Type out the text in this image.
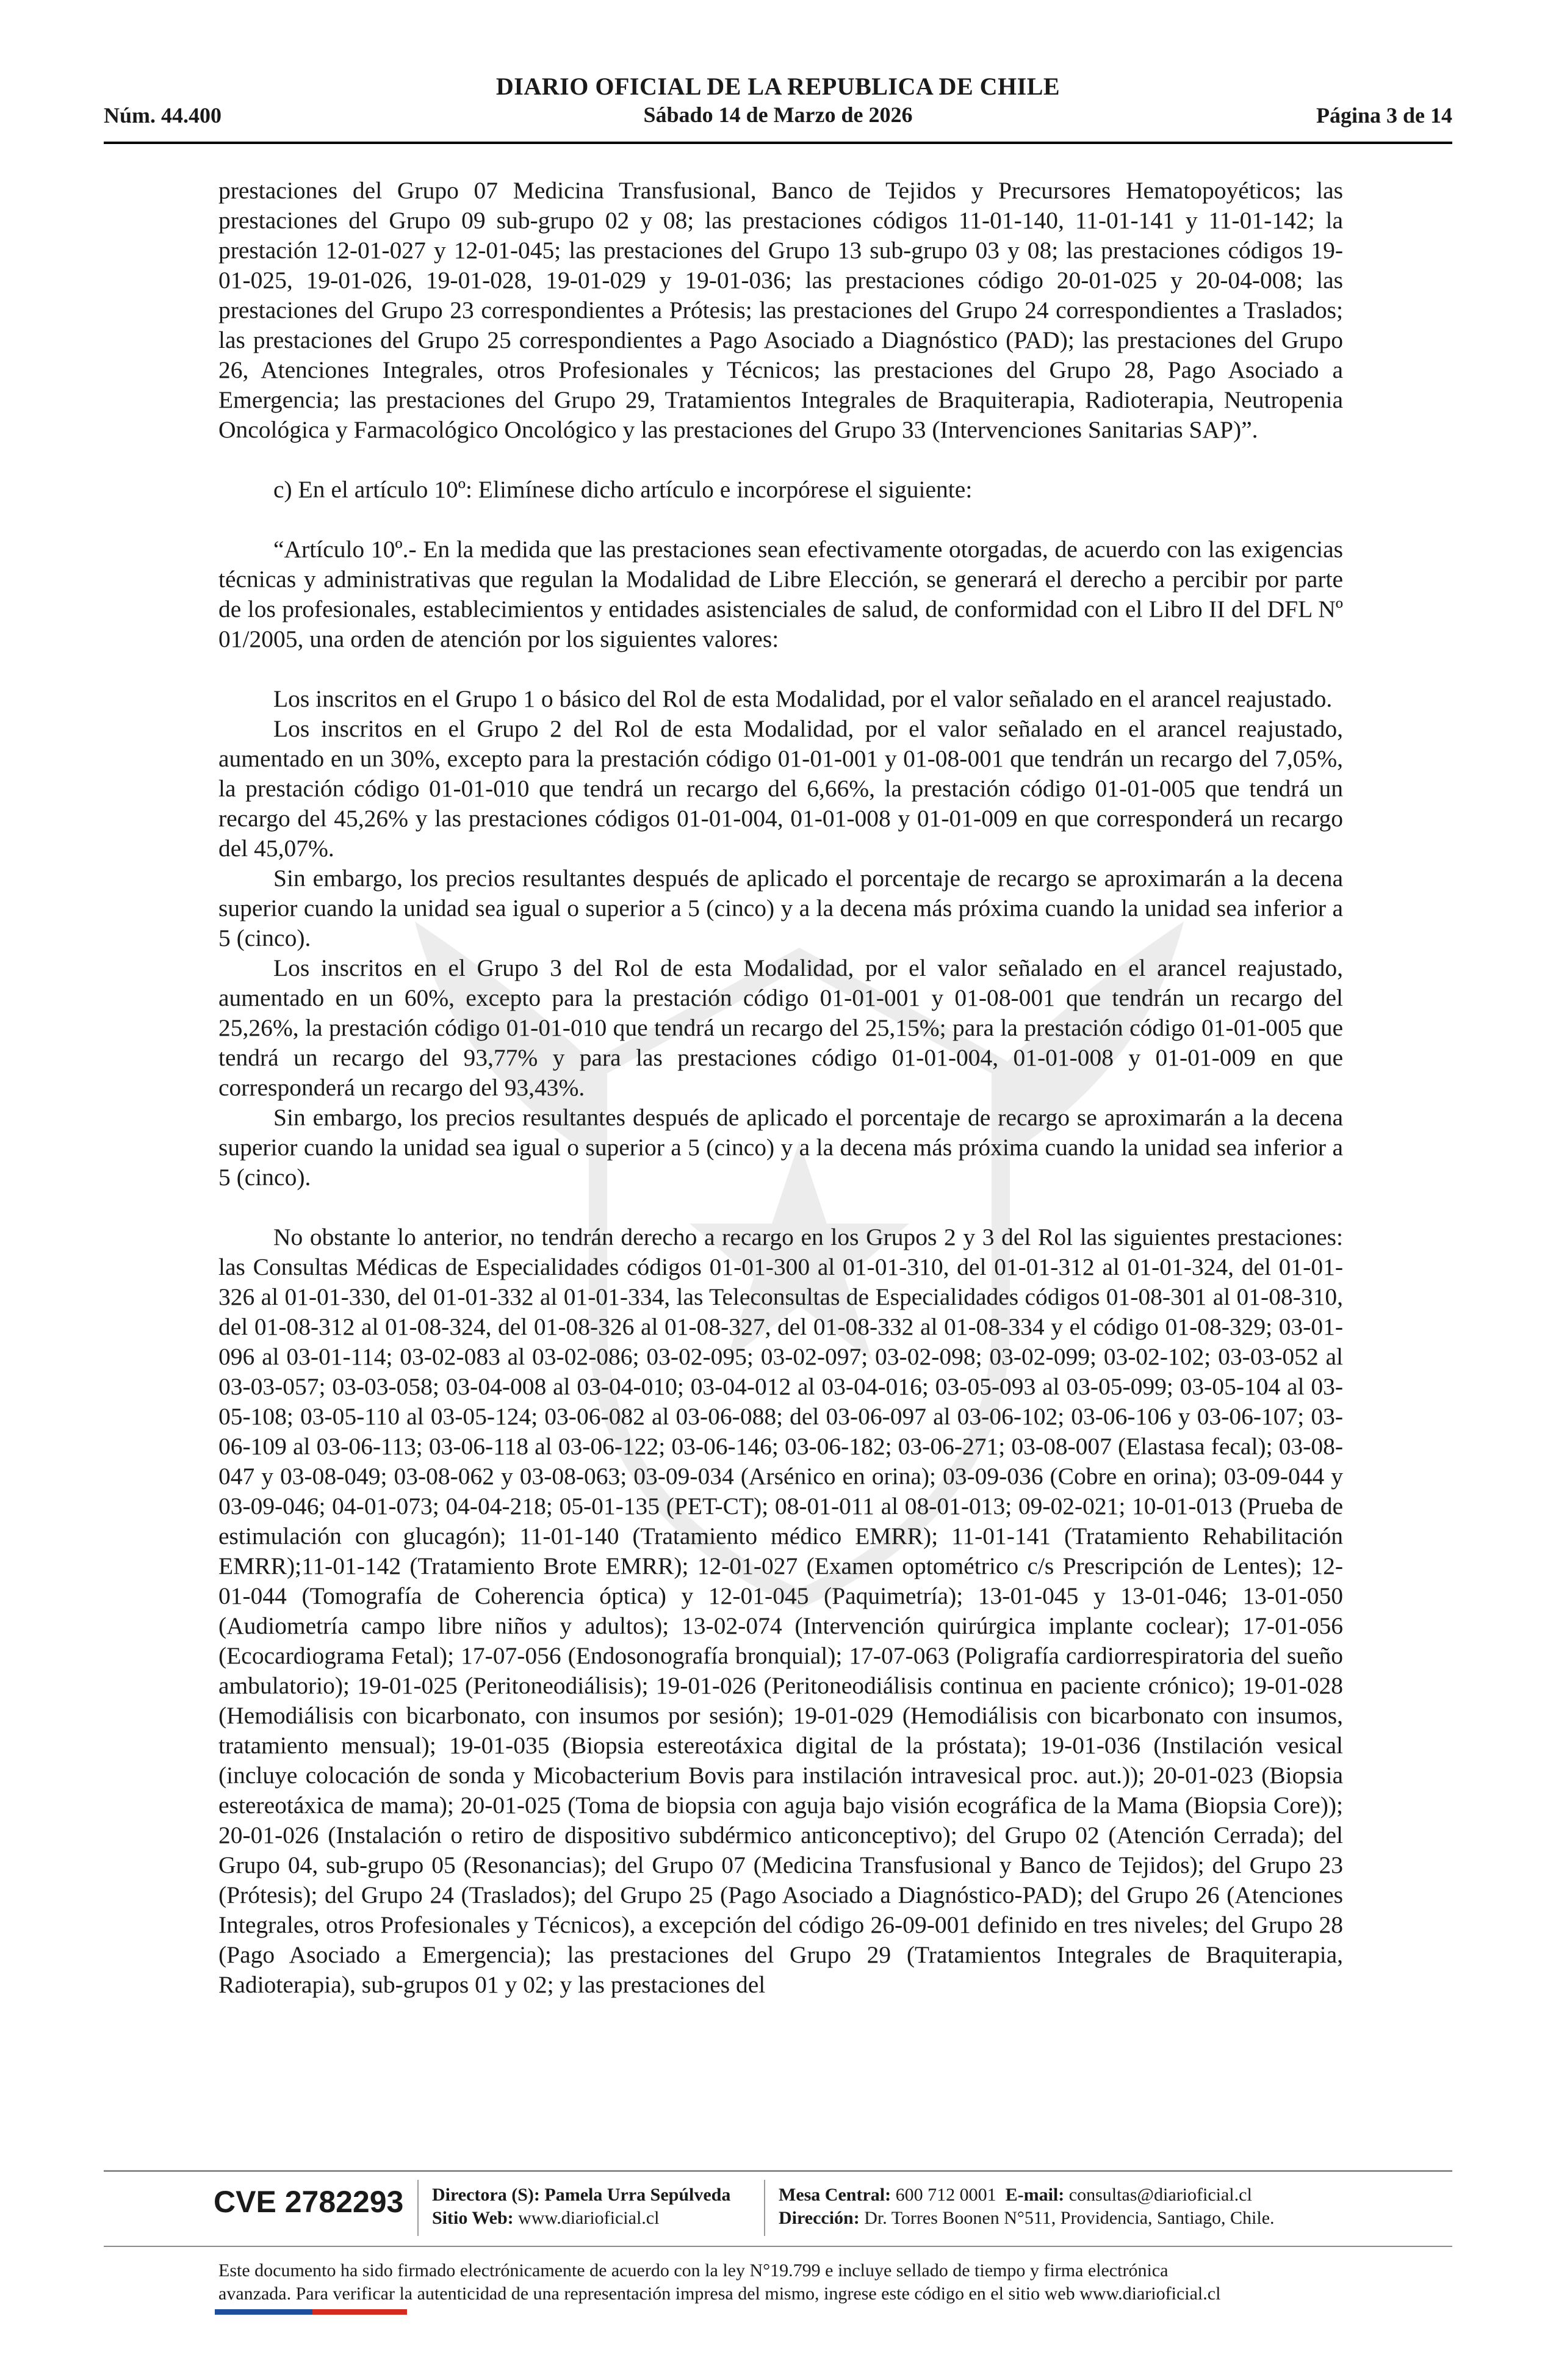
Núm. 44.400
DIARIO OFICIAL DE LA REPUBLICA DE CHILE
Sábado 14 de Marzo de 2026	Página 3 de 14

prestaciones del Grupo 07 Medicina Transfusional, Banco de Tejidos y Precursores Hematopoyéticos; las prestaciones del Grupo 09 sub-grupo 02 y 08; las prestaciones códigos 11-01-140, 11-01-141 y 11-01-142; la prestación 12-01-027 y 12-01-045; las prestaciones del Grupo 13 sub-grupo 03 y 08; las prestaciones códigos 19-01-025, 19-01-026, 19-01-028, 19-01-029 y 19-01-036; las prestaciones código 20-01-025 y 20-04-008; las prestaciones del Grupo 23 correspondientes a Prótesis; las prestaciones del Grupo 24 correspondientes a Traslados; las prestaciones del Grupo 25 correspondientes a Pago Asociado a Diagnóstico (PAD); las prestaciones del Grupo 26, Atenciones Integrales, otros Profesionales y Técnicos; las prestaciones del Grupo 28, Pago Asociado a Emergencia; las prestaciones del Grupo 29, Tratamientos Integrales de Braquiterapia, Radioterapia, Neutropenia Oncológica y Farmacológico Oncológico y las prestaciones del Grupo 33 (Intervenciones Sanitarias SAP)”.

c) En el artículo 10º: Elimínese dicho artículo e incorpórese el siguiente:

“Artículo 10º.- En la medida que las prestaciones sean efectivamente otorgadas, de acuerdo con las exigencias técnicas y administrativas que regulan la Modalidad de Libre Elección, se generará el derecho a percibir por parte de los profesionales, establecimientos y entidades asistenciales de salud, de conformidad con el Libro II del DFL Nº 01/2005, una orden de atención por los siguientes valores:

Los inscritos en el Grupo 1 o básico del Rol de esta Modalidad, por el valor señalado en el arancel reajustado.

Los inscritos en el Grupo 2 del Rol de esta Modalidad, por el valor señalado en el arancel reajustado, aumentado en un 30%, excepto para la prestación código 01-01-001 y 01-08-001 que tendrán un recargo del 7,05%, la prestación código 01-01-010 que tendrá un recargo del 6,66%, la prestación código 01-01-005 que tendrá un recargo del 45,26% y las prestaciones códigos 01-01-004, 01-01-008 y 01-01-009 en que corresponderá un recargo del 45,07%.

Sin embargo, los precios resultantes después de aplicado el porcentaje de recargo se aproximarán a la decena superior cuando la unidad sea igual o superior a 5 (cinco) y a la decena más próxima cuando la unidad sea inferior a 5 (cinco).

Los inscritos en el Grupo 3 del Rol de esta Modalidad, por el valor señalado en el arancel reajustado, aumentado en un 60%, excepto para la prestación código 01-01-001 y 01-08-001 que tendrán un recargo del 25,26%, la prestación código 01-01-010 que tendrá un recargo del 25,15%; para la prestación código 01-01-005 que tendrá un recargo del 93,77% y para las prestaciones código 01-01-004, 01-01-008 y 01-01-009 en que corresponderá un recargo del 93,43%.

Sin embargo, los precios resultantes después de aplicado el porcentaje de recargo se aproximarán a la decena superior cuando la unidad sea igual o superior a 5 (cinco) y a la decena más próxima cuando la unidad sea inferior a 5 (cinco).

No obstante lo anterior, no tendrán derecho a recargo en los Grupos 2 y 3 del Rol las siguientes prestaciones: las Consultas Médicas de Especialidades códigos 01-01-300 al 01-01-310, del 01-01-312 al 01-01-324, del 01-01-326 al 01-01-330, del 01-01-332 al 01-01-334, las Teleconsultas de Especialidades códigos 01-08-301 al 01-08-310, del 01-08-312 al 01-08-324, del 01-08-326 al 01-08-327, del 01-08-332 al 01-08-334 y el código 01-08-329; 03-01-096 al 03-01-114; 03-02-083 al 03-02-086; 03-02-095; 03-02-097; 03-02-098; 03-02-099; 03-02-102; 03-03-052 al 03-03-057; 03-03-058; 03-04-008 al 03-04-010; 03-04-012 al 03-04-016; 03-05-093 al 03-05-099; 03-05-104 al 03-05-108; 03-05-110 al 03-05-124; 03-06-082 al 03-06-088; del 03-06-097 al 03-06-102; 03-06-106 y 03-06-107; 03-06-109 al 03-06-113; 03-06-118 al 03-06-122; 03-06-146; 03-06-182; 03-06-271; 03-08-007 (Elastasa fecal); 03-08-047 y 03-08-049; 03-08-062 y 03-08-063; 03-09-034 (Arsénico en orina); 03-09-036 (Cobre en orina); 03-09-044 y 03-09-046; 04-01-073; 04-04-218; 05-01-135 (PET-CT); 08-01-011 al 08-01-013; 09-02-021; 10-01-013 (Prueba de estimulación con glucagón); 11-01-140 (Tratamiento médico EMRR); 11-01-141 (Tratamiento Rehabilitación EMRR);11-01-142 (Tratamiento Brote EMRR); 12-01-027 (Examen optométrico c/s Prescripción de Lentes); 12-01-044 (Tomografía de Coherencia óptica) y 12-01-045 (Paquimetría); 13-01-045 y 13-01-046; 13-01-050 (Audiometría campo libre niños y adultos); 13-02-074 (Intervención quirúrgica implante coclear); 17-01-056 (Ecocardiograma Fetal); 17-07-056 (Endosonografía bronquial); 17-07-063 (Poligrafía cardiorrespiratoria del sueño ambulatorio); 19-01-025 (Peritoneodiálisis); 19-01-026 (Peritoneodiálisis continua en paciente crónico); 19-01-028 (Hemodiálisis con bicarbonato, con insumos por sesión); 19-01-029 (Hemodiálisis con bicarbonato con insumos, tratamiento mensual); 19-01-035 (Biopsia estereotáxica digital de la próstata); 19-01-036 (Instilación vesical (incluye colocación de sonda y Micobacterium Bovis para instilación intravesical proc. aut.)); 20-01-023 (Biopsia estereotáxica de mama); 20-01-025 (Toma de biopsia con aguja bajo visión ecográfica de la Mama (Biopsia Core)); 20-01-026 (Instalación o retiro de dispositivo subdérmico anticonceptivo); del Grupo 02 (Atención Cerrada); del Grupo 04, sub-grupo 05 (Resonancias); del Grupo 07 (Medicina Transfusional y Banco de Tejidos); del Grupo 23 (Prótesis); del Grupo 24 (Traslados); del Grupo 25 (Pago Asociado a Diagnóstico-PAD); del Grupo 26 (Atenciones Integrales, otros Profesionales y Técnicos), a excepción del código 26-09-001 definido en tres niveles; del Grupo 28 (Pago Asociado a Emergencia); las prestaciones del Grupo 29 (Tratamientos Integrales de Braquiterapia, Radioterapia), sub-grupos 01 y 02; y las prestaciones del

CVE 2782293 Directora (S): Pamela Urra Sepúlveda
Sitio Web: www.diarioficial.cl
Mesa Central: 600 712 0001 E-mail: consultas@diarioficial.cl
Dirección: Dr. Torres Boonen N°511, Providencia, Santiago, Chile.
Este documento ha sido firmado electrónicamente de acuerdo con la ley N°19.799 e incluye sellado de tiempo y firma electrónica
avanzada. Para verificar la autenticidad de una representación impresa del mismo, ingrese este código en el sitio web www.diarioficial.cl
